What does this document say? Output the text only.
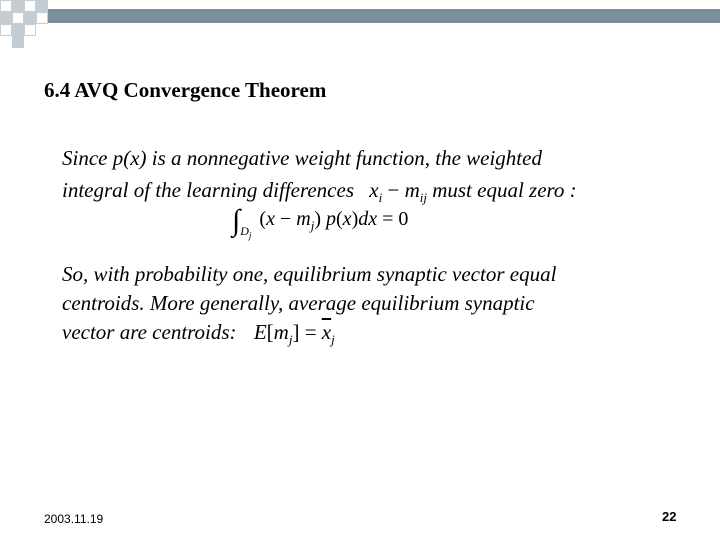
6.4 AVQ Convergence Theorem
Since p(x) is a nonnegative weight function, the weighted
integral of the learning differences $x_i - m_{ij}$ must equal zero :
$\int_{D_j}(x - m_j) p(x)dx = 0$
So, with probability one, equilibrium synaptic vector equal
centroids. More generally, average equilibrium synaptic
vector are centroids: $E[m_j] = \overline{x}_j$
2003.11.19	22
